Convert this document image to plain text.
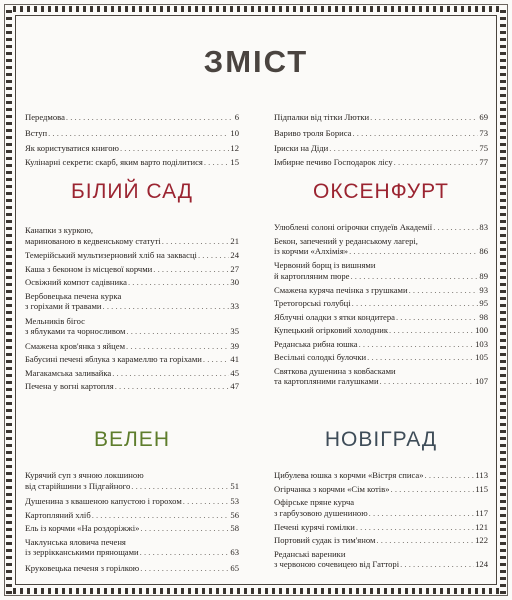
ЗМІСТ
Передмова . . .	6
Вступ . . .	10
Як користуватися книгою . . .	12
Кулінарні секрети: скарб, яким варто поділитися . . .	15
БІЛИЙ САД
Канапки з куркою,
маринованою в кедвенському статуті . . .	21
Темерійський мультизерновий хліб на заквасці . . .	24
Каша з беконом із місцевої корчми . . .	27
Освіжний компот садівника . . .	30
Вербовецька печена курка
з горіхами й травами . . .	33
Мельників бігос
з яблуками та чорносливом . . .	35
Смажена кров'янка з яйцем . . .	39
Бабусині печені яблука з карамеллю та горіхами . . .	41
Магакамська заливайка . . .	45
Печена у вогні картопля . . .	47
ВЕЛЕН
Курячий суп з ячною локшиною
від старійшини з Підгайного . . .	51
Душенина з квашеною капустою і горохом . . .	53
Картопляний хліб . . .	56
Ель із корчми «На роздоріжжі» . . .	58
Чаклунська яловича печеня
із зеррікканськими прянощами . . .	63
Круковецька печеня з горілкою . . .	65
Підпалки від тітки Лютки . . .	69
Вариво троля Бориса . . .	73
Іриски на Діди . . .	75
Імбирне печиво Господарок лісу . . .	77
ОКСЕНФУРТ
Улюблені солоні огірочки спудеїв Академії . . .	83
Бекон, запечений у реданському лагері,
із корчми «Алхімія» . . .	86
Червоний борщ із вишнями
й картопляним пюре . . .	89
Смажена курячa печінка з грушками . . .	93
Третогорські голубці . . .	95
Яблучні оладки з ятки кондитера . . .	98
Купецький огірковий холодник . . .	100
Реданська рибна юшка . . .	103
Весільні солодкі булочки . . .	105
Святкова душенина з ковбасками
та картопляними галушками . . .	107
НОВІГРАД
Цибулева юшка з корчми «Вістря списа» . . .	113
Огірчанка з корчми «Сім котів» . . .	115
Офірське пряне курча
з гарбузовою душениною . . .	117
Печені курячі гомілки . . .	121
Портовий судак із тим'яном . . .	122
Реданські вареники
з червоною сочевицею від Гатторі . . .	124
